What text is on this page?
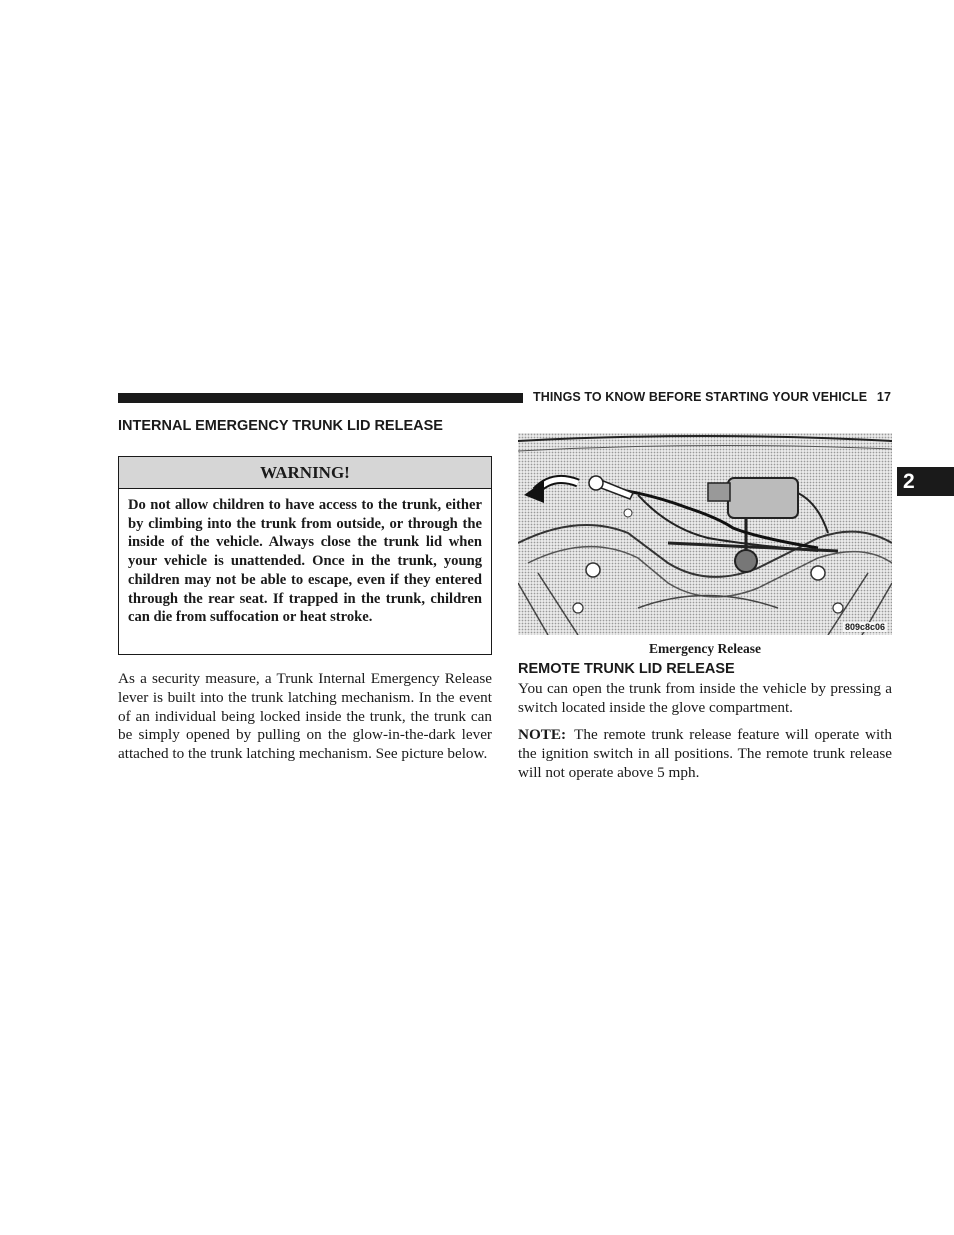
THINGS TO KNOW BEFORE STARTING YOUR VEHICLE 17
2
INTERNAL EMERGENCY TRUNK LID RELEASE
WARNING!
Do not allow children to have access to the trunk, either by climbing into the trunk from outside, or through the inside of the vehicle. Always close the trunk lid when your vehicle is unattended. Once in the trunk, young children may not be able to escape, even if they entered through the rear seat. If trapped in the trunk, children can die from suffocation or heat stroke.
As a security measure, a Trunk Internal Emergency Release lever is built into the trunk latching mechanism. In the event of an individual being locked inside the trunk, the trunk can be simply opened by pulling on the glow-in-the-dark lever attached to the trunk latching mechanism. See picture below.
809c8c06
Emergency Release
REMOTE TRUNK LID RELEASE
You can open the trunk from inside the vehicle by pressing a switch located inside the glove compartment.
NOTE: The remote trunk release feature will operate with the ignition switch in all positions. The remote trunk release will not operate above 5 mph.
